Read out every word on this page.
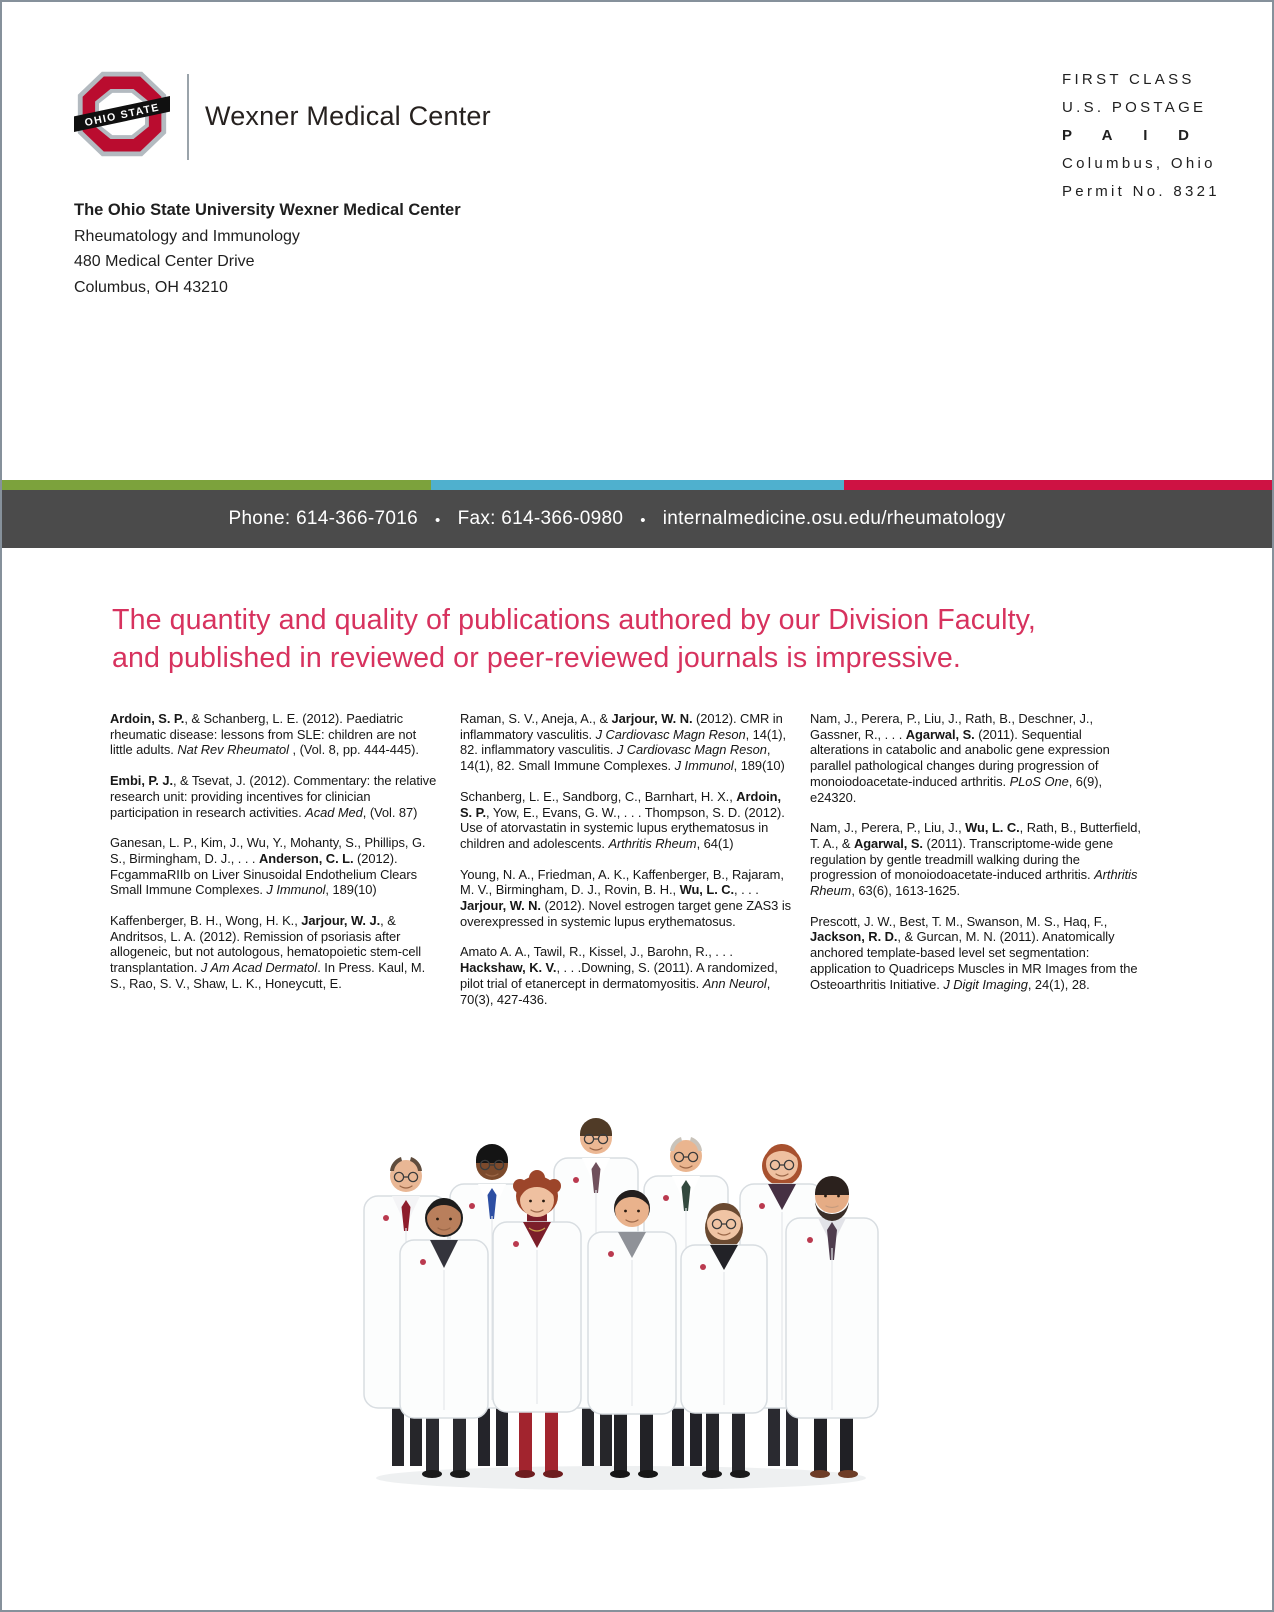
OHIO STATE Wexner Medical Center
FIRST CLASS
U.S. POSTAGE
PAID
Columbus, Ohio
Permit No. 8321
The Ohio State University Wexner Medical Center
Rheumatology and Immunology
480 Medical Center Drive
Columbus, OH 43210
Phone: 614-366-7016 • Fax: 614-366-0980 • internalmedicine.osu.edu/rheumatology
The quantity and quality of publications authored by our Division Faculty,
and published in reviewed or peer-reviewed journals is impressive.

Ardoin, S. P., & Schanberg, L. E. (2012). Paediatric rheumatic disease: lessons from SLE: children are not little adults. Nat Rev Rheumatol , (Vol. 8, pp. 444-445).

Embi, P. J., & Tsevat, J. (2012). Commentary: the relative research unit: providing incentives for clinician participation in research activities. Acad Med, (Vol. 87)

Ganesan, L. P., Kim, J., Wu, Y., Mohanty, S., Phillips, G. S., Birmingham, D. J., . . . Anderson, C. L. (2012). FcgammaRIIb on Liver Sinusoidal Endothelium Clears Small Immune Complexes. J Immunol, 189(10)

Kaffenberger, B. H., Wong, H. K., Jarjour, W. J., & Andritsos, L. A. (2012). Remission of psoriasis after allogeneic, but not autologous, hematopoietic stem-cell transplantation. J Am Acad Dermatol. In Press. Kaul, M. S., Rao, S. V., Shaw, L. K., Honeycutt, E.

Raman, S. V., Aneja, A., & Jarjour, W. N. (2012). CMR in inflammatory vasculitis. J Cardiovasc Magn Reson, 14(1), 82. inflammatory vasculitis. J Cardiovasc Magn Reson, 14(1), 82. Small Immune Complexes. J Immunol, 189(10)

Schanberg, L. E., Sandborg, C., Barnhart, H. X., Ardoin, S. P., Yow, E., Evans, G. W., . . . Thompson, S. D. (2012). Use of atorvastatin in systemic lupus erythematosus in children and adolescents. Arthritis Rheum, 64(1)

Young, N. A., Friedman, A. K., Kaffenberger, B., Rajaram, M. V., Birmingham, D. J., Rovin, B. H., Wu, L. C., . . . Jarjour, W. N. (2012). Novel estrogen target gene ZAS3 is overexpressed in systemic lupus erythematosus.

Amato A. A., Tawil, R., Kissel, J., Barohn, R., . . . Hackshaw, K. V., . . .Downing, S. (2011). A randomized, pilot trial of etanercept in dermatomyositis. Ann Neurol, 70(3), 427-436.

Nam, J., Perera, P., Liu, J., Rath, B., Deschner, J., Gassner, R., . . . Agarwal, S. (2011). Sequential alterations in catabolic and anabolic gene expression parallel pathological changes during progression of monoiodoacetate-induced arthritis. PLoS One, 6(9), e24320.

Nam, J., Perera, P., Liu, J., Wu, L. C., Rath, B., Butterfield, T. A., & Agarwal, S. (2011). Transcriptome-wide gene regulation by gentle treadmill walking during the progression of monoiodoacetate-induced arthritis. Arthritis Rheum, 63(6), 1613-1625.

Prescott, J. W., Best, T. M., Swanson, M. S., Haq, F., Jackson, R. D., & Gurcan, M. N. (2011). Anatomically anchored template-based level set segmentation: application to Quadriceps Muscles in MR Images from the Osteoarthritis Initiative. J Digit Imaging, 24(1), 28.
